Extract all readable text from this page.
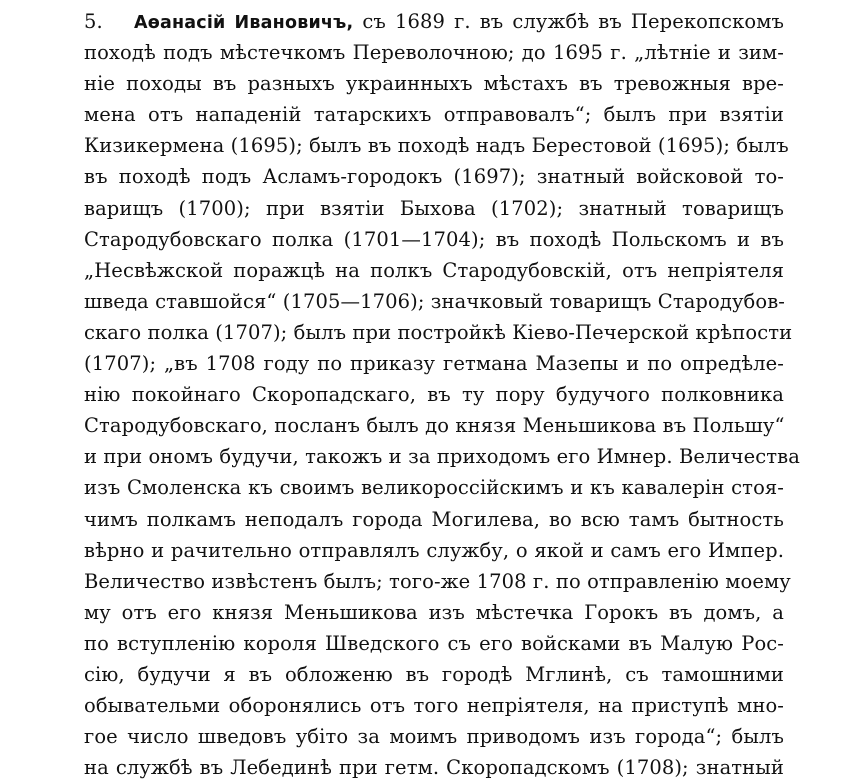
5. Аѳанасій Ивановичъ, съ 1689 г. въ службѣ въ Перекопскомъ
походѣ подъ мѣстечкомъ Переволочною; до 1695 г. „лѣтніе и зим-
ніе походы въ разныхъ украинныхъ мѣстахъ въ тревожныя вре-
мена отъ нападеній татарскихъ отправовалъ“; былъ при взятіи
Кизикермена (1695); былъ въ походѣ надъ Берестовой (1695); былъ
въ походѣ подъ Асламъ-городокъ (1697); знатный войсковой то-
варищъ (1700); при взятіи Быхова (1702); знатный товарищъ
Стародубовскаго полка (1701—1704); въ походѣ Польскомъ и въ
„Несвѣжской поражцѣ на полкъ Стародубовскій, отъ непріятеля
шведа ставшойся“ (1705—1706); значковый товарищъ Стародубов-
скаго полка (1707); былъ при постройкѣ Кіево-Печерской крѣпости
(1707); „въ 1708 году по приказу гетмана Мазепы и по опредѣле-
нію покойнаго Скоропадскаго, въ ту пору будучого полковника
Стародубовскаго, посланъ былъ до князя Меньшикова въ Польшу“
и при ономъ будучи, такожъ и за приходомъ его Имнер. Величества
изъ Смоленска къ своимъ великороссійскимъ и къ кавалерін стоя-
чимъ полкамъ неподалъ города Могилева, во всю тамъ бытность
вѣрно и рачительно отправлялъ службу, о якой и самъ его Импер.
Величество извѣстенъ былъ; того-же 1708 г. по отправленію моему
му отъ его князя Меньшикова изъ мѣстечка Горокъ въ домъ, а
по вступленію короля Шведского съ его войсками въ Малую Рос-
сію, будучи я въ обложеню въ городѣ Мглинѣ, съ тамошними
обывательми оборонялись отъ того непріятеля, на приступѣ мно-
гое число шведовъ убіто за моимъ приводомъ изъ города“; былъ
на службѣ въ Лебединѣ при гетм. Скоропадскомъ (1708); знатный
